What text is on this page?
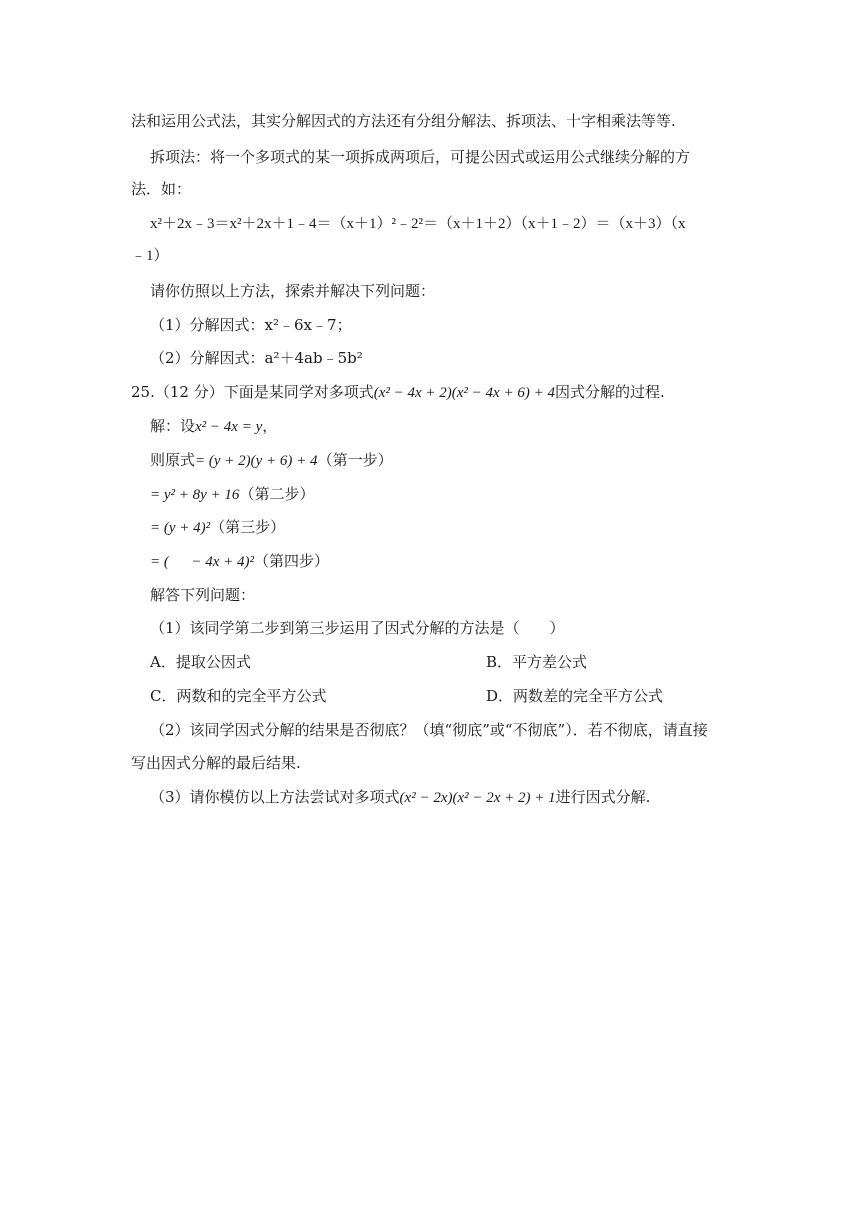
法和运用公式法，其实分解因式的方法还有分组分解法、拆项法、十字相乘法等等.
拆项法：将一个多项式的某一项拆成两项后，可提公因式或运用公式继续分解的方
法．如：
x²＋2x﹣3＝x²＋2x＋1﹣4＝（x＋1）²﹣2²＝（x＋1＋2）（x＋1﹣2）＝（x＋3）（x
﹣1）
请你仿照以上方法，探索并解决下列问题：
（1）分解因式：x²﹣6x﹣7；
（2）分解因式：a²＋4ab﹣5b²
25.（12 分）下面是某同学对多项式(x² − 4x + 2)(x² − 4x + 6) + 4因式分解的过程.
解：设x² − 4x = y，
则原式= (y + 2)(y + 6) + 4（第一步）
= y² + 8y + 16（第二步）
= (y + 4)²（第三步）
= (      − 4x + 4)²（第四步）
解答下列问题：
（1）该同学第二步到第三步运用了因式分解的方法是（　　）
A．提取公因式	B．平方差公式
C．两数和的完全平方公式	D．两数差的完全平方公式
（2）该同学因式分解的结果是否彻底？（填“彻底”或“不彻底”）．若不彻底，请直接
写出因式分解的最后结果.
（3）请你模仿以上方法尝试对多项式(x² − 2x)(x² − 2x + 2) + 1进行因式分解.
